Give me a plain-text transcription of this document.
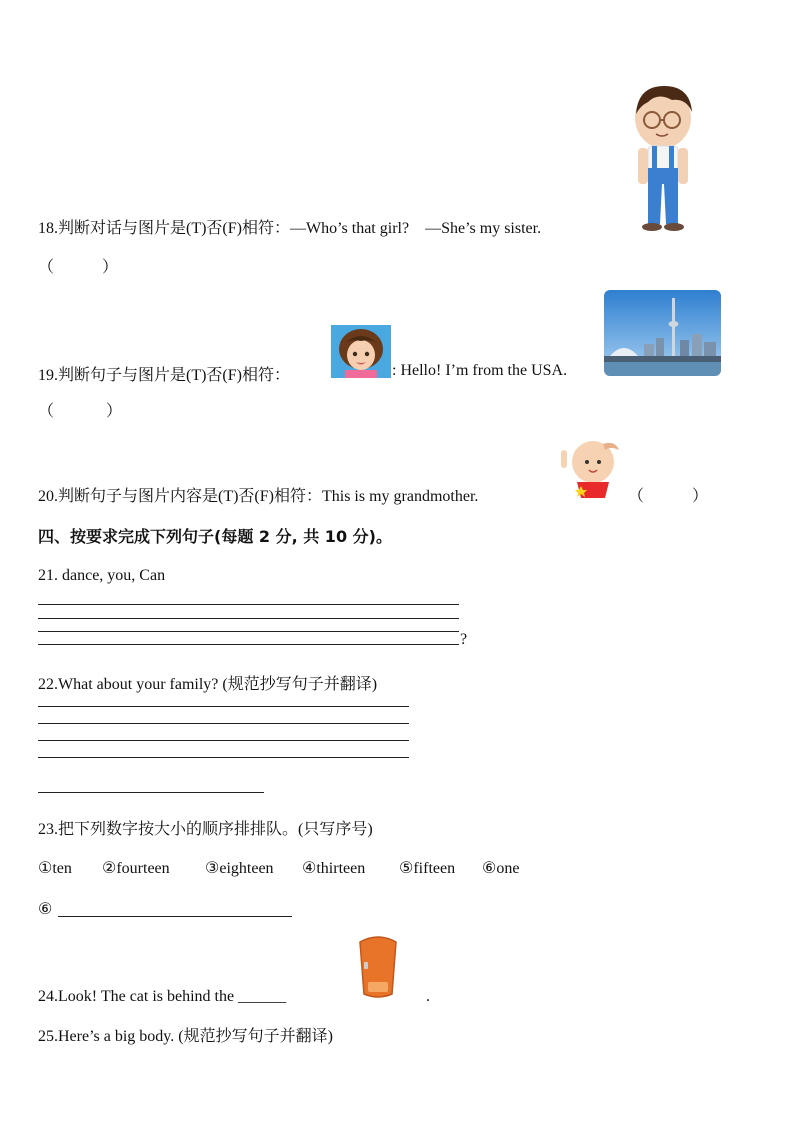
18.判断对话与图片是(T)否(F)相符：—Who’s that girl?　—She’s my sister.
（　　　）
19.判断句子与图片是(T)否(F)相符：	: Hello! I’m from the USA.
（　　　 ）
20.判断句子与图片内容是(T)否(F)相符：This is my grandmother.	（　　　）
四、按要求完成下列句子(每题 2 分, 共 10 分)。
21. dance, you, Can
?
22.What about your family? (规范抄写句子并翻译)
23.把下列数字按大小的顺序排排队。(只写序号)
①ten ②fourteen ③eighteen ④thirteen ⑤fifteen ⑥one
⑥
24.Look! The cat is behind the ______	.
25.Here’s a big body. (规范抄写句子并翻译)
